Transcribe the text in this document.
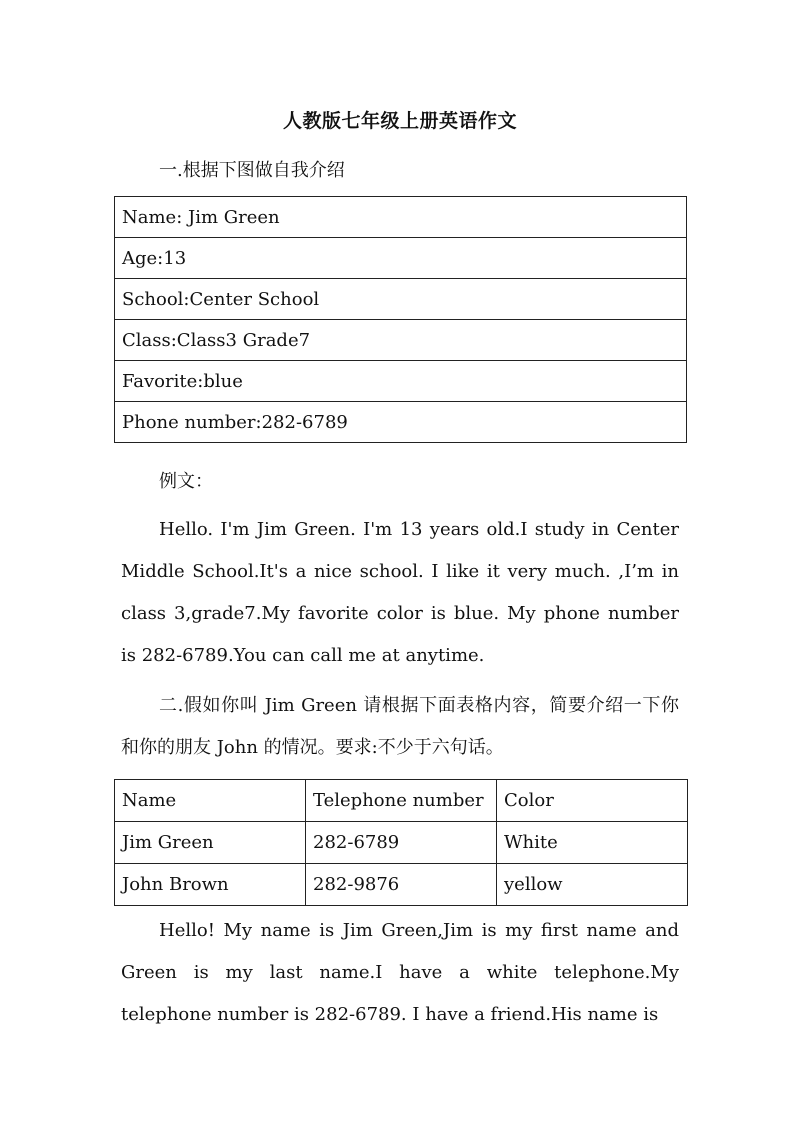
人教版七年级上册英语作文
一.根据下图做自我介绍
Name: Jim Green
Age:13
School:Center School
Class:Class3 Grade7
Favorite:blue
Phone number:282-6789
例文：

Hello. I'm Jim Green. I'm 13 years old.I study in Center Middle School.It's a nice school. I like it very much. ,I’m in class 3,grade7.My favorite color is blue. My phone number is 282-6789.You can call me at anytime.

二.假如你叫 Jim Green 请根据下面表格内容，简要介绍一下你和你的朋友 John 的情况。要求:不少于六句话。

Name	Telephone number	Color
Jim Green	282-6789	White
John Brown	282-9876	yellow

Hello! My name is Jim Green,Jim is my first name and Green is my last name.I have a white telephone.My telephone number is 282-6789. I have a friend.His name is
